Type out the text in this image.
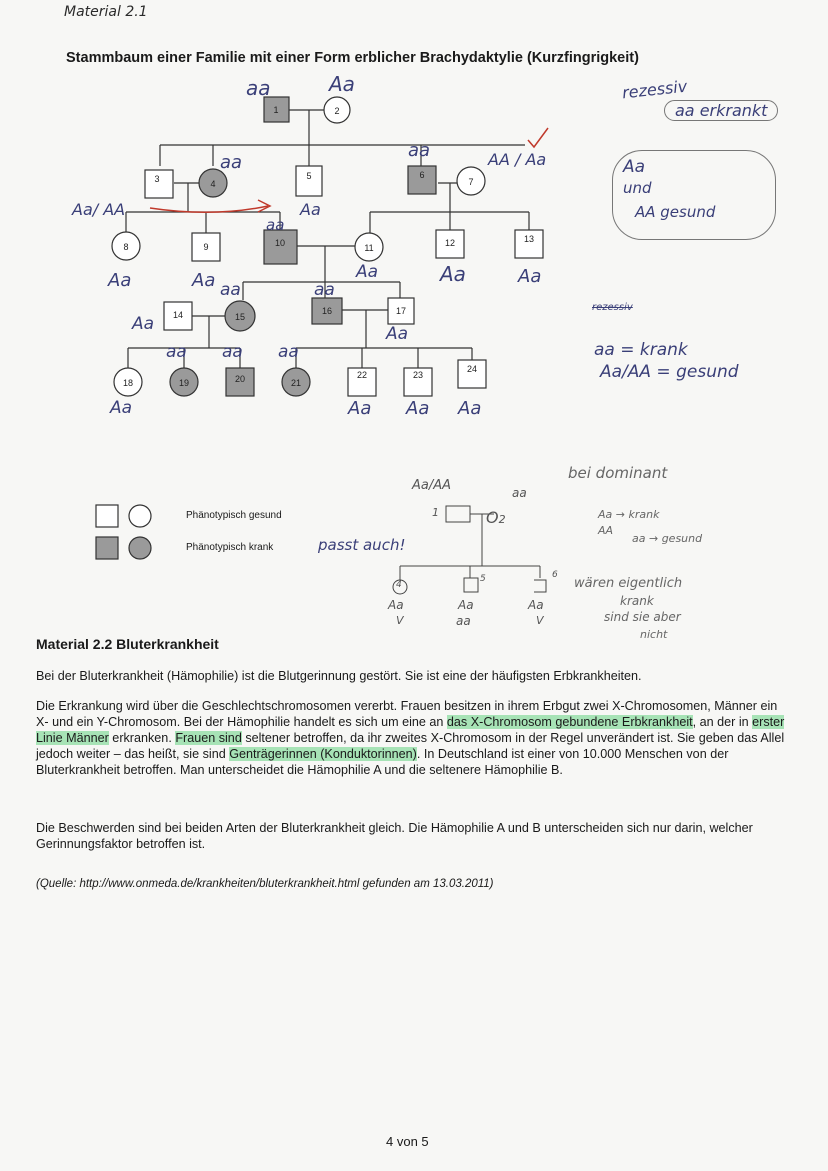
Material 2.1
Stammbaum einer Familie mit einer Form erblicher Brachydaktylie (Kurzfingrigkeit)
1	2
3	4
5	6
7
8	9	10	11	12	13
14	15
16	17
18	19	20	21
22	23
24
aa	Aa
aa
Aa
aa	AA / Aa
Aa/ AA
Aa	Aa
aa
Aa	Aa	Aa
Aa
aa	aa
Aa
aa aa aa
Aa	Aa Aa Aa
rezessiv
aa erkrankt
Aa
und
AA gesund
rezessiv
aa = krank
Aa/AA = gesund
bei dominant
Aa → krank
AA
aa → gesund
wären eigentlich
krank
sind sie aber
nicht
Aa/AA	aa
1	O2
passt auch!
4
5	6
Aa	Aa
aa
Aa
V	V
Phänotypisch gesund
Phänotypisch krank
Material 2.2 Bluterkrankheit
Bei der Bluterkrankheit (Hämophilie) ist die Blutgerinnung gestört. Sie ist eine der häufigsten Erbkrankheiten.
Die Erkrankung wird über die Geschlechtschromosomen vererbt. Frauen besitzen in ihrem Erbgut zwei X-Chromosomen, Männer ein X- und ein Y-Chromosom. Bei der Hämophilie handelt es sich um eine an das X-Chromosom gebundene Erbkrankheit, an der in erster Linie Männer erkranken. Frauen sind seltener betroffen, da ihr zweites X-Chromosom in der Regel unverändert ist. Sie geben das Allel jedoch weiter – das heißt, sie sind Genträgerinnen (Konduktorinnen). In Deutschland ist einer von 10.000 Menschen von der Bluterkrankheit betroffen. Man unterscheidet die Hämophilie A und die seltenere Hämophilie B.
Die Beschwerden sind bei beiden Arten der Bluterkrankheit gleich. Die Hämophilie A und B unterscheiden sich nur darin, welcher Gerinnungsfaktor betroffen ist.
(Quelle: http://www.onmeda.de/krankheiten/bluterkrankheit.html gefunden am 13.03.2011)
4 von 5
